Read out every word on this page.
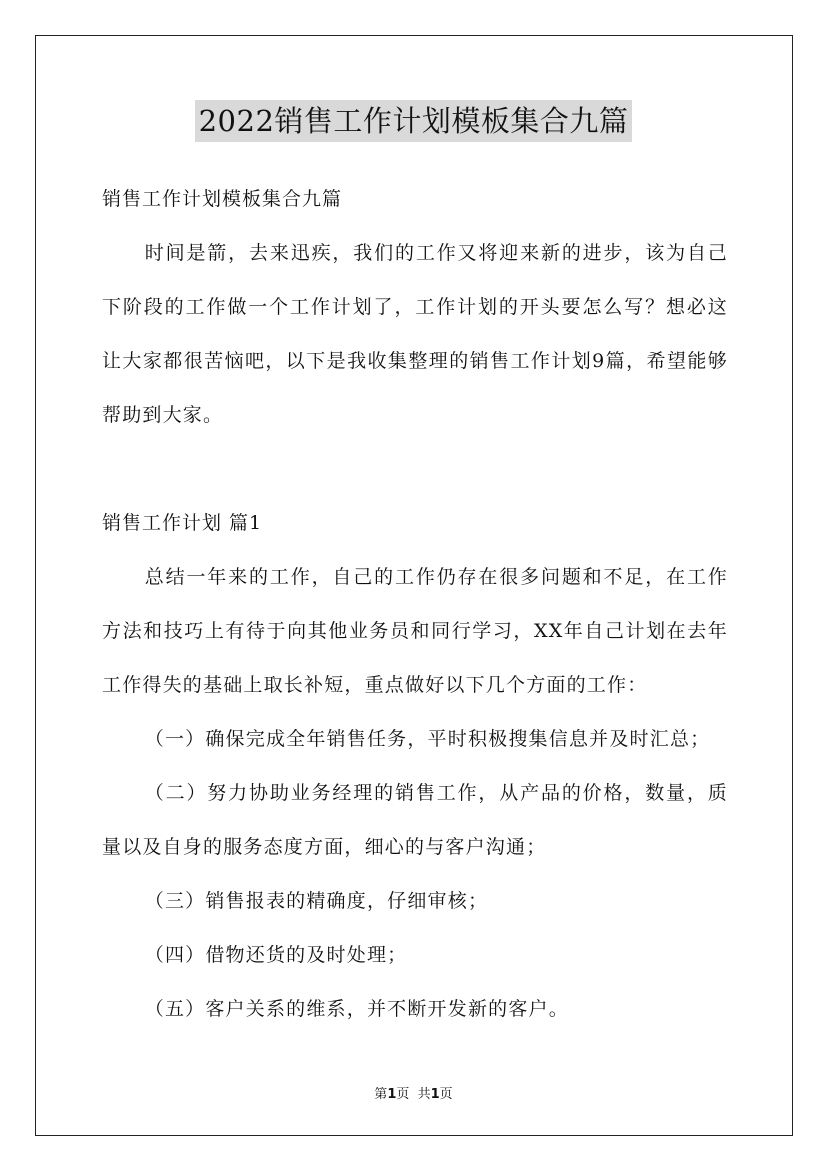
2022销售工作计划模板集合九篇

销售工作计划模板集合九篇

时间是箭，去来迅疾，我们的工作又将迎来新的进步，该为自己下阶段的工作做一个工作计划了，工作计划的开头要怎么写？想必这让大家都很苦恼吧，以下是我收集整理的销售工作计划9篇，希望能够帮助到大家。

销售工作计划 篇1

总结一年来的工作，自己的工作仍存在很多问题和不足，在工作方法和技巧上有待于向其他业务员和同行学习，XX年自己计划在去年工作得失的基础上取长补短，重点做好以下几个方面的工作：

（一）确保完成全年销售任务，平时积极搜集信息并及时汇总；

（二）努力协助业务经理的销售工作，从产品的价格，数量，质量以及自身的服务态度方面，细心的与客户沟通；

（三）销售报表的精确度，仔细审核；

（四）借物还货的及时处理；

（五）客户关系的维系，并不断开发新的客户。

第1页  共1页
